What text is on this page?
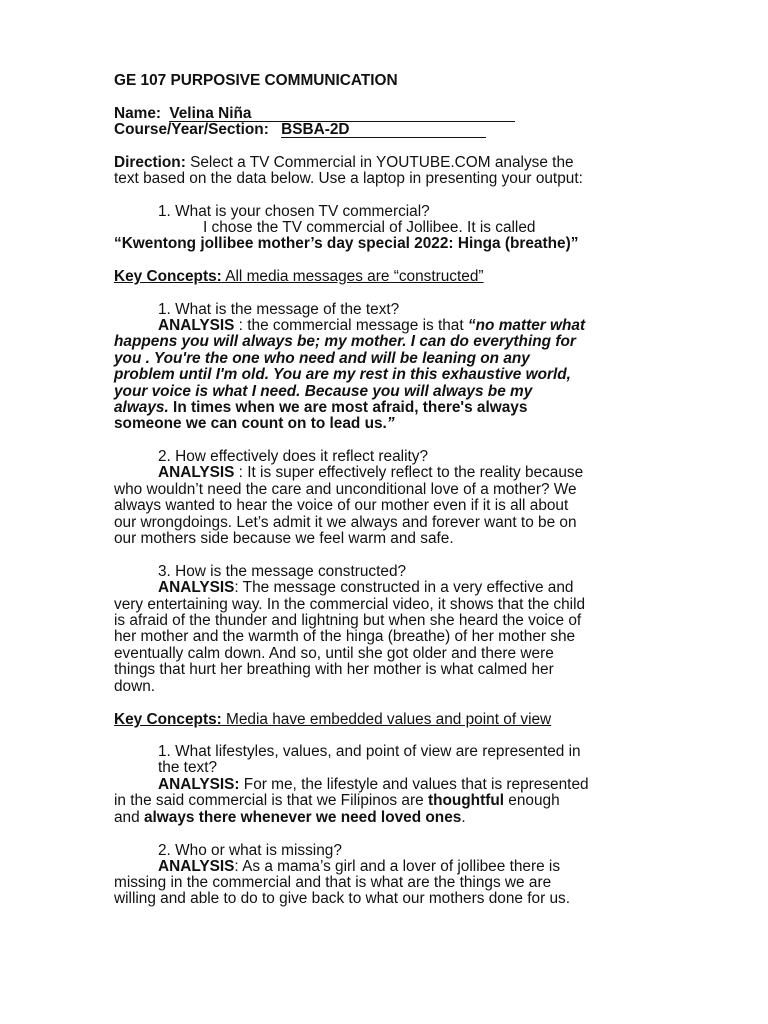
GE 107 PURPOSIVE COMMUNICATION
Name: Velina Niña
Course/Year/Section: BSBA-2D
Direction: Select a TV Commercial in YOUTUBE.COM analyse the
text based on the data below. Use a laptop in presenting your output:
1. What is your chosen TV commercial?
I chose the TV commercial of Jollibee. It is called
“Kwentong jollibee mother’s day special 2022: Hinga (breathe)”
Key Concepts: All media messages are “constructed”
1. What is the message of the text?
ANALYSIS : the commercial message is that “no matter what
happens you will always be; my mother. I can do everything for
you . You're the one who need and will be leaning on any
problem until I'm old. You are my rest in this exhaustive world,
your voice is what I need. Because you will always be my
always. In times when we are most afraid, there's always
someone we can count on to lead us.”
2. How effectively does it reflect reality?
ANALYSIS : It is super effectively reflect to the reality because
who wouldn’t need the care and unconditional love of a mother? We
always wanted to hear the voice of our mother even if it is all about
our wrongdoings. Let’s admit it we always and forever want to be on
our mothers side because we feel warm and safe.
3. How is the message constructed?
ANALYSIS: The message constructed in a very effective and
very entertaining way. In the commercial video, it shows that the child
is afraid of the thunder and lightning but when she heard the voice of
her mother and the warmth of the hinga (breathe) of her mother she
eventually calm down. And so, until she got older and there were
things that hurt her breathing with her mother is what calmed her
down.
Key Concepts: Media have embedded values and point of view
1. What lifestyles, values, and point of view are represented in
the text?
ANALYSIS: For me, the lifestyle and values that is represented
in the said commercial is that we Filipinos are thoughtful enough
and always there whenever we need loved ones.
2. Who or what is missing?
ANALYSIS: As a mama’s girl and a lover of jollibee there is
missing in the commercial and that is what are the things we are
willing and able to do to give back to what our mothers done for us.
